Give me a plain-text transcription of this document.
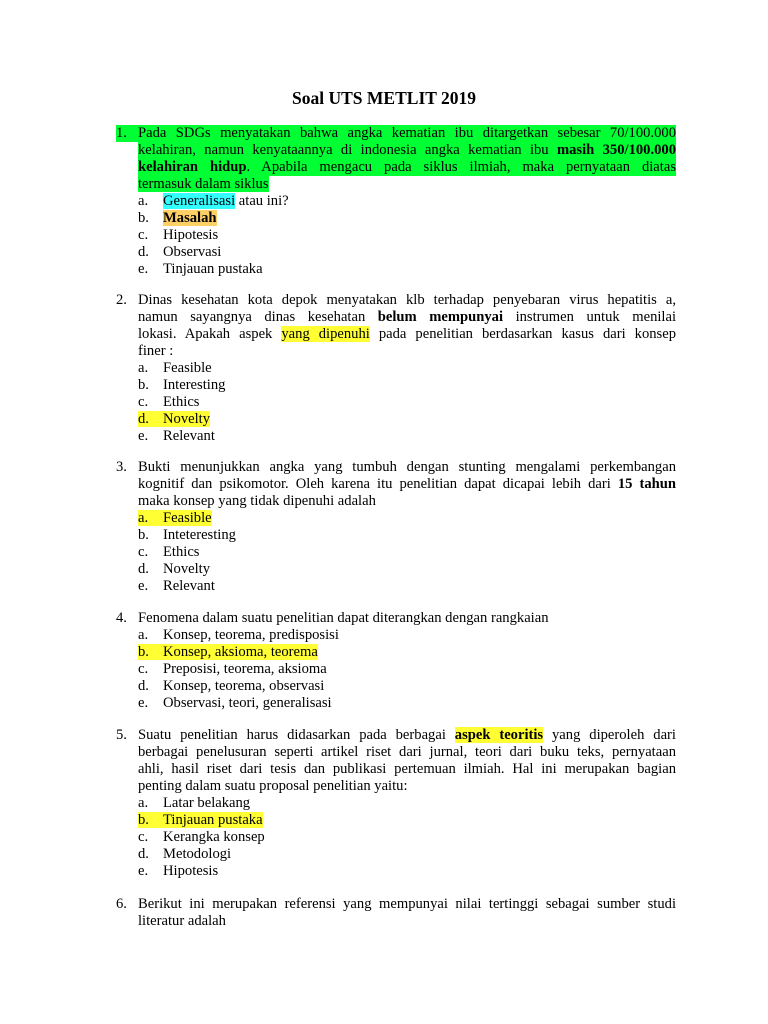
Soal UTS METLIT 2019
1. Pada SDGs menyatakan bahwa angka kematian ibu ditargetkan sebesar 70/100.000
kelahiran, namun kenyataannya di indonesia angka kematian ibu masih 350/100.000
kelahiran hidup. Apabila mengacu pada siklus ilmiah, maka pernyataan diatas
termasuk dalam siklus
a. Generalisasi atau ini?
b. Masalah
c. Hipotesis
d. Observasi
e. Tinjauan pustaka
2. Dinas kesehatan kota depok menyatakan klb terhadap penyebaran virus hepatitis a,
namun sayangnya dinas kesehatan belum mempunyai instrumen untuk menilai
lokasi. Apakah aspek yang dipenuhi pada penelitian berdasarkan kasus dari konsep
finer :
a. Feasible
b. Interesting
c. Ethics
d. Novelty
e. Relevant
3. Bukti menunjukkan angka yang tumbuh dengan stunting mengalami perkembangan
kognitif dan psikomotor. Oleh karena itu penelitian dapat dicapai lebih dari 15 tahun
maka konsep yang tidak dipenuhi adalah
a. Feasible
b. Inteteresting
c. Ethics
d. Novelty
e. Relevant
4. Fenomena dalam suatu penelitian dapat diterangkan dengan rangkaian
a. Konsep, teorema, predisposisi
b. Konsep, aksioma, teorema
c. Preposisi, teorema, aksioma
d. Konsep, teorema, observasi
e. Observasi, teori, generalisasi
5. Suatu penelitian harus didasarkan pada berbagai aspek teoritis yang diperoleh dari
berbagai penelusuran seperti artikel riset dari jurnal, teori dari buku teks, pernyataan
ahli, hasil riset dari tesis dan publikasi pertemuan ilmiah. Hal ini merupakan bagian
penting dalam suatu proposal penelitian yaitu:
a. Latar belakang
b. Tinjauan pustaka
c. Kerangka konsep
d. Metodologi
e. Hipotesis
6. Berikut ini merupakan referensi yang mempunyai nilai tertinggi sebagai sumber studi
literatur adalah
